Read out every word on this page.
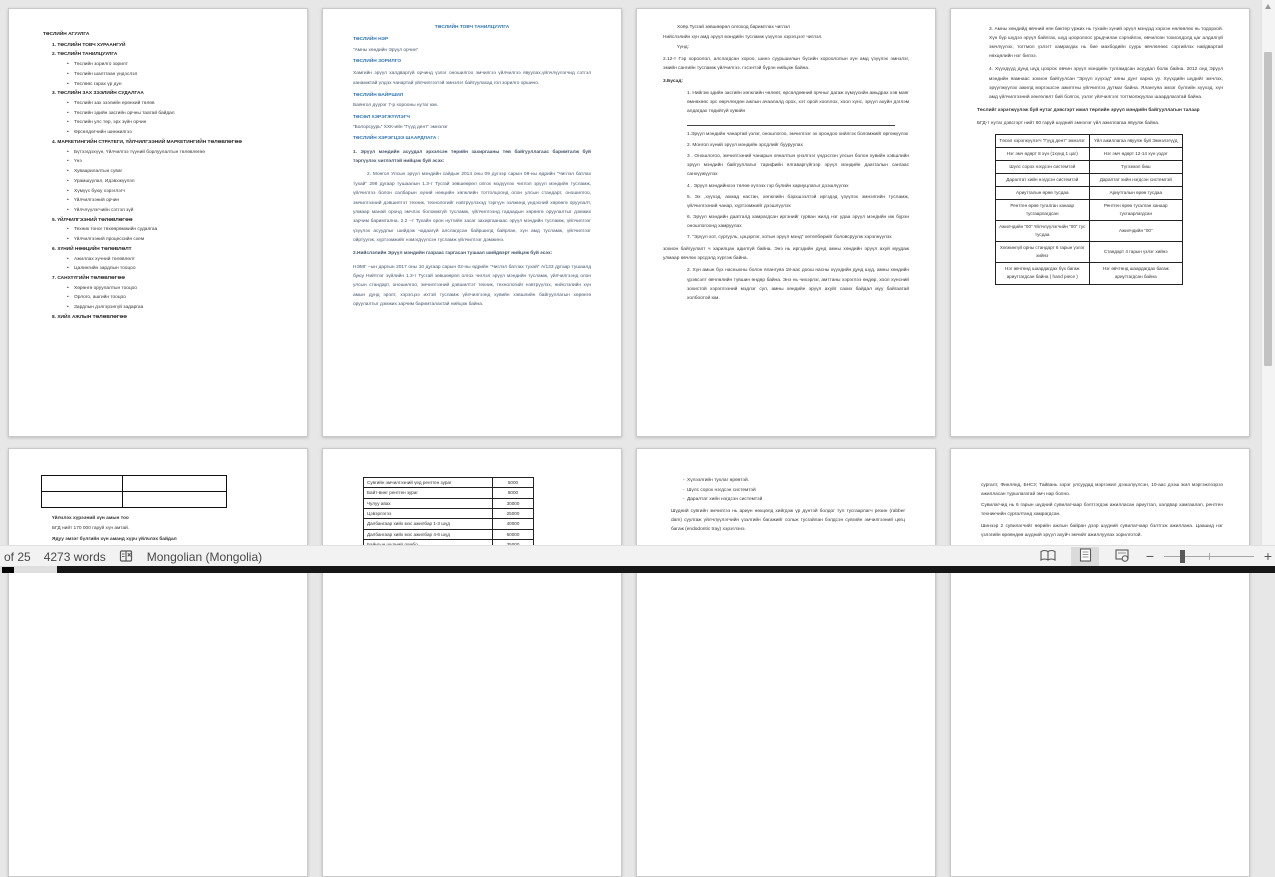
ТӨСЛИЙН АГУУЛГА
1. ТӨСЛИЙН ТОВЧ ХУРААНГУЙ
2. ТӨСЛИЙН ТАНИЛЦУУЛГА
• Төслийн зорилго зорилт
• Төслийн шалтгаан үндэслэл
• Төслөөс гарах үр дүн
3. ТӨСЛИЙН ЗАХ ЗЭЭЛИЙН СУДАЛГАА
• Төслийн зах зээлийн ерөнхий төлөв
• Төслийн эдийн засгийн орчны таатай байдал
• Төслийн улс төр, эрх зүйн орчин
• Өрсөлдөгчийн шинжилгээ
4. МАРКЕТИНГИЙН СТРАТЕГИ, ҮЙЛЧИЛГЭЭНИЙ МАРКЕТИНГИЙН ТӨЛӨВЛӨГӨӨ
• Бүтээгдэхүүн, Үйлчилгээ түүний борлуулалтын төлөвлөгөө
• Үнэ
• Хуваарилалтын суваг
• Урамшуулал, Идэвхжүүлэл
• Хүмүүс буюу хэрэглэгч
• Үйлчилгээний орчин
• Үйлчлүүлэгчийн сэтгэл зүй
5. ҮЙЛЧИЛГЭЭНИЙ ТӨЛӨВЛӨГӨӨ
• Техник тоног төхөөрөмжийн судалгаа
• Үйлчилгээний процессийн схем
6. ХҮНИЙ НӨӨЦИЙН ТӨЛӨВЛӨЛТ
• Ажиллах хүчний төлөвлөлт
• Цалингийн зардлын тооцоо
7. САНХҮҮГИЙН ТӨЛӨВЛӨГӨӨ
• Хөрөнгө оруулалтын тооцоо
• Орлого, ашгийн тооцоо
• Зардлын дэлгэрэнгүй задаргаа
8. ХИЙХ АЖЛЫН ТӨЛӨВЛӨГӨӨ
ТӨСЛИЙН ТОВЧ ТАНИЛЦУУЛГА
ТӨСЛИЙН НЭР
“Амны хөндийн Эрүүл орчин”
ТӨСЛИЙН ЗОРИЛГО
Хамгийн эрүүл халдваргүй орчинд үзлэг оношилгоо эмчилгээ үйлчилгээ явуулах,үйлчлүүлэгчид сэтгэл ханамжтай үлдэх чанартай үйлчилгээтэй эмнэлэг байгуулахад гол зорилго оршино.
ТӨСЛИЙН БАЙРШИЛ
Баянгол дүүрэг 7-р хорооны нутаг юм.
ТӨСӨЛ ХЭРЭГЖҮҮЛЭГЧ
“Болорсуурь” ХХК-ийн “Гүүд дент” эмнэлэг
ТӨСЛИЙН ХЭРЭГЦЭЭ ШААРДЛАГА :
1. Эрүүл мэндийн асуудал эрхэлсэн төрийн захиргааны төв байгууллагаас баримталж буй тэргүүлэх чиглэлтэй нийцэж буй эсэх:
2. Монгол Улсын эрүүл мэндийн сайдын 2014 оны 09 дүгээр сарын 08-ны өдрийн “Чиглэл батлах тухай” 298 дугаар тушаалын 1.3-т Тусгай зөвшөөрөл олгох мэдүүлэх чиглэл эрүүл мэндийн тусламж, үйлчилгээ болон салбарын хүний нөөцийн хөгжлийн тогтолцоонд олон улсын стандарт, оношилгоо, эмчилгээний дэвшилтэт техник, технологийг нэвтрүүлэхэд тэргүүн ээлжинд үндэсний хөрөнгө оруулалт, улмаар манай оронд эмчлэх боломжгүй тусламж, үйлчилгээнд гадаадын хөрөнгө оруулалтыг дэмжих зарчим баримтална. 2.2 –т Тухайн орон нутгийн засаг захиргаанаас эрүүл мэндийн тусламж, үйлчилгээг үзүүлэх асуудлыг шийдэж чадаагүй алслагдсан байршилд байрлан, хүн амд тусламж, үйлчилгээг ойртуулж, хүртээмжийг нэмэгдүүлсэн тусламж үйлчилгээг дэмжинэ.
2.Нийслэлийн Эрүүл мэндийн газраас гаргасан тушаал шийдвэрт нийцэж буй эсэх:
НЭМГ –ын даргын 2017 оны 10 дугаар сарын 02-ны өдрийн “Чиглэл батлах тухай” А/133 дугаар тушаалд буюу Нийтлэг зүйлийн 1.3-т Тусгай зөвшөөрөл олгох чиглэл эрүүл мэндийн тусламж, үйлчилгээнд олон улсын стандарт, оношилгоо, эмчилгээний дэвшилтэт техник, технологийг нэвтрүүлэх, нийслэлийн хүн амын дунд эрэлт, хэрэгцээ ихтэй тусламж үйлчилгээнд хувийн хэвшлийн байгууллагын хөрөнгө оруулалтыг дэмжих зарчим баримталахтай нийцэж байна.
Хоёр.Тусгай зөвшөөрөл олгоход баримтлах чиглэл
Нийслэлийн хүн амд эрүүл мэндийн тусламж үзүүлэх хэрэгцээт чиглэл.
Үүнд:
2.12-т Гэр хороолол, алслагдсан хороо, шинэ суурьшилын бүсийн хороололын хүн амд үзүүлэх эмнэлэг, эмийн сангийн тусламж үйлчилгээ. гэсэнтэй бүрэн нийцэж байна.
3.Бусад:
1. Нийгэм эдийн засгийн хөгжлийн чөлөөт, өрсөлдөөний орчныг дагаж хүмүүсийн амьдрах хэв маяг өмнөхөөс эрс өөрчлөгдөн ажлын ачаалалд орох, хэт орой хооллох, хоол хүнс, эрүүл ахуйн дэглэм алдагдах төдийгүй хувийн
1.Эрүүл мэндийн чанартай үзлэг, оношлогоо, эмчилгээг эх орондоо хийлгэх боломжийг өргөжүүлэх
2. Монгол хүний эрүүл мэндийн эрсдлийг бууруулах
3 . Оношлогоо, эмчилгээний чанарын хяналтын үнэлгээг үндэслэн улсын болон хувийн хэвшлийн эрүүл мэндийн байгууллагыг тарифийн ялгаваргүйгээр эрүүл мэндийн даатгалын сангаас санхүүжүүлэх
4 . Эрүүл мэндийнхээ төлөө хүлээх гэр бүлийн хариуцлагыг дээшлүүлэх
5. Эх ,хүүхэд, ахмад настан, хөгжлийн бэрхшээлтэй иргэдэд үзүүлэх эмнэлгийн тусламж, үйлчилгээний чанар, хүртээмжийг дээшлүүлэх
6. Эрүүл мэндийн даатгалд хамрагдсан иргэнийг гурван жилд нэг удаа эрүүл мэндийн иж бүрэн оношлогоонд хамруулах
7. “Эрүүл хот, сургууль, цэцэрлэг, хотын эрүүл мэнд” хөтөлбөрийг боловсруулж хэрэгжүүлэх
зохион байгуулалт ч харилцан адилгүй байна. Энэ нь иргэдийн дунд амны хөндийн эрүүл ахуй муудаж улмаар өвчлөх эрсдэлд хүргэж байна.
2. Хүн амын бүх насныхны болон ялангуяа 18-аас доош насны хүүхдийн дунд шүд, амны хөндийн үрэвсэлт өвчлөлийн түвшин өндөр байна. Энэ нь чихэрлэг, амттаны хэрэглээ өндөр, хоол хүнсний зохистой хэрэглээний мэдлэг сул, амны хөндийн эрүүл ахуйг сахих байдал муу байгаатай холбоотой юм.
3. Амны хөндийд өвчний нян бактер үржих нь тухайн хүний эрүүл мэндэд хэрхэн нөлөөлөх нь тодорхой. Хүн бүр шүдээ эрүүл байлгах, шүд цооролоос урьдчилан сэргийлэх, өвчилсөн тохиолдолд цаг алдалгүй эмчлүүлэх, тогтмол үзлэгт хамрагдах нь бие махбодийн суурь өвчлөлөөс сэргийлэх найдвартай нөхцөлийн нэг билээ.
4. Хүүхдүүд дунд шүд цоорох өвчин эрүүл мэндийн тулгамдсан асуудал болж байна. 2012 онд Эрүүл мэндийн яамнаас зохион байгуулсан “Эрүүл хүүхэд” аяны дүнг харна уу. Хүүхдийн шүдийг эмчлэх, эрүүлжүүлэх ажилд мэргэшсэн ажилтны үйлчилгээ дутмаг байна. Ялангуяа эмзэг бүлгийн хүүхэд, хүн амд үйлчилгээний хөнгөлөлт бий болгох, үзлэг үйлчилгээг тогтмолжуулах шаардлагатай байна.
Төслийг хэрэгжүүлэж буй нутаг дэвсгэрт ижил төрлийн эрүүл мэндийн байгууллагын талаар
БГД-т нутаг дэвсгэрт нийт 60 гаруй шүдний эмнэлэг үйл ажиллагаа явуулж байна.
Төсөл хэрэгжүүлэгч “Гүүд дент” эмнэлэг	Үйл ажиллагаа явуулж буй Эмнэлэгүүд
Нэг эмч өдөрт 8 хүн (1хүнд 1 цаг)	Нэг эмч өдөрт 12-14 хүн үздэг
Шүлс сорох нэгдсэн системтэй	Түгээмэл биш
Даралтат хийн нэгдсэн системтэй	Даралтат хийн нэгдсэн системтэй
Ариутгалын өрөө тусдаа	Ариутгалын өрөө тусдаа
Рентген өрөө тугалган ханаар тусгаарлагдсан	Рентген өрөө тугалган ханаар тусгаарлагдсан
Ажилчдийн “00” Үйлчлүүлэгчийн “00” тус тусдаа	Ажилчдийн “00”
Хөгжингүй орны стандарт 6 гарын үзлэг хийнэ	Стандарт 4 гарын үзлэг хийнэ
Нэг өвчтөнд шаардагдах бүх багаж ариутгагдсан байна ( hand piece )	Нэг өвчтөнд шаардагдах багаж ариутгагдсан байна

Үйлчлэх хүрээний хүн амын тоо
БГД нийт 170 000 гаруй хүн амтай.
Ядуу эмзэг бүлгийн хүн аманд хүрч үйлчлэх байдал
Сувгийн эмчилгээний үед рентген зураг	5000
Байт-винг рентген зураг	8000
Чулуу авах	30000
Цэвэрлэгээ	25000
Далбангаар хийх мэс ажилбар 1-3 шүд	40000
Далбангаар хийх мэс ажилбар 4-6 шүд	60000

- Хүлээлгийн тухлаг өрөөтэй.
- Шүлс сорох нэгдсэн системтэй
- Даралтат хийн нэгдсэн системтэй
Шүдний сувгийн эмчилгээ нь ариун нөхцөлд хийгдэж үр дүнтэй болдог тул тусгаарлагч резин (rabber dam) суулгаж үйлчлүүлэгчийн үзэлгийн багажийг сольж тусгайлан бэлдсэн сувгийн эмчилгээний цөгц багаж (endodontic tray) хэрэглэнэ.
сургалт, Финлянд, БНСУ, Тайвань зэрэг улсуудад мэргэжил дээшлүүлсэн, 10-аас дээш жил мэргэжлээрээ ажилласан туршлагатай эмч нар болно.
Сувилагчид нь 6 гарын шүдний сувилагчаар бэлтгэгдэж ажилласан ариутгал, халдвар хамгаалал, рентген техникчийн сургалтанд хамрагдсан.
Шинээр 2 сувилагчийг өөрийн ажлын байран дээр шүдний сувилагчаар бэлтгэж ажиллана. Цаашид нэг үзлэгийн өрөөндөө шүдний эрүүл ахуйч эмчийг ажиллуулах зорилготой.
of 25 4273 words	Mongolian (Mongolia)	−	+
